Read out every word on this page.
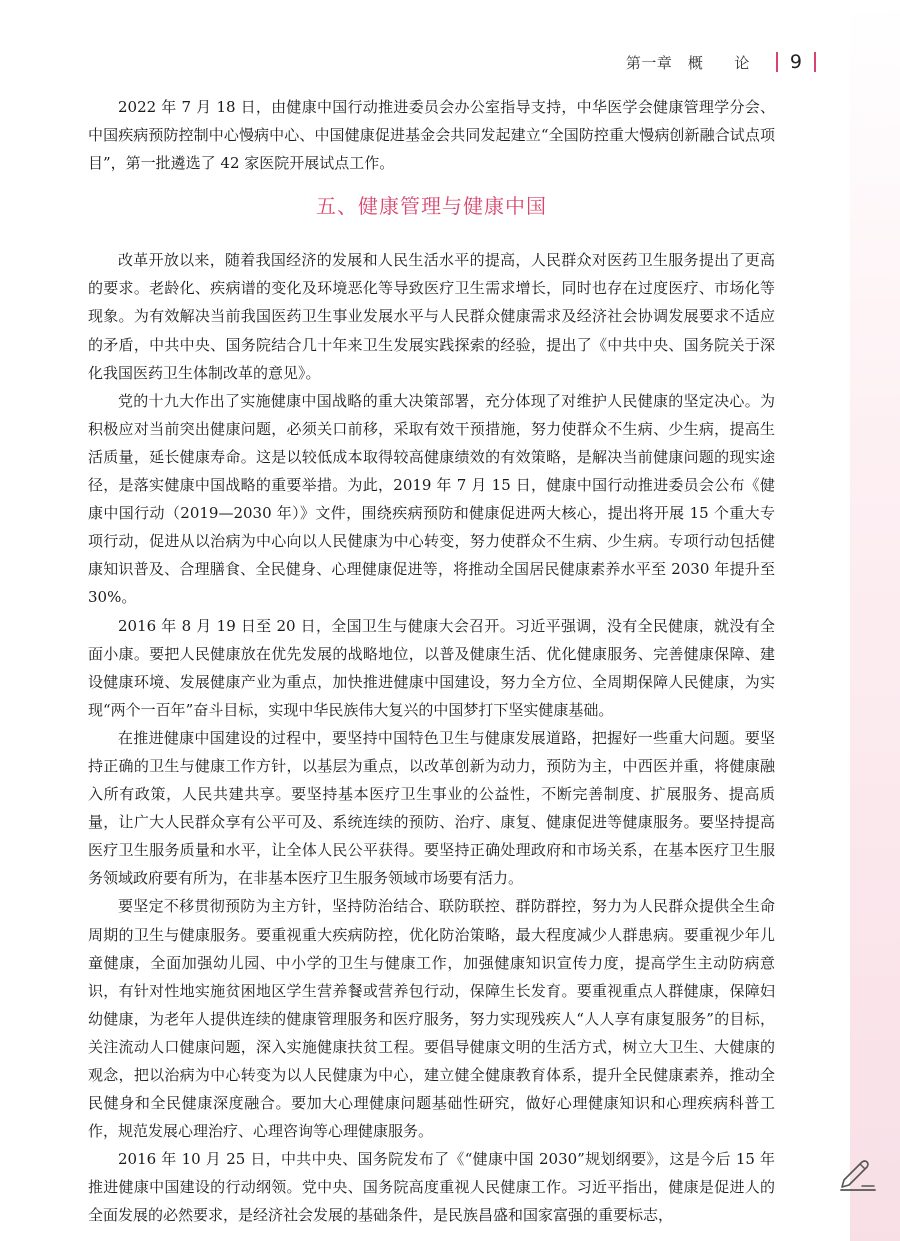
第一章　概　　论 9

2022 年 7 月 18 日，由健康中国行动推进委员会办公室指导支持，中华医学会健康管理学分会、中国疾病预防控制中心慢病中心、中国健康促进基金会共同发起建立“全国防控重大慢病创新融合试点项目”，第一批遴选了 42 家医院开展试点工作。

五、健康管理与健康中国

改革开放以来，随着我国经济的发展和人民生活水平的提高，人民群众对医药卫生服务提出了更高的要求。老龄化、疾病谱的变化及环境恶化等导致医疗卫生需求增长，同时也存在过度医疗、市场化等现象。为有效解决当前我国医药卫生事业发展水平与人民群众健康需求及经济社会协调发展要求不适应的矛盾，中共中央、国务院结合几十年来卫生发展实践探索的经验，提出了《中共中央、国务院关于深化我国医药卫生体制改革的意见》。

党的十九大作出了实施健康中国战略的重大决策部署，充分体现了对维护人民健康的坚定决心。为积极应对当前突出健康问题，必须关口前移，采取有效干预措施，努力使群众不生病、少生病，提高生活质量，延长健康寿命。这是以较低成本取得较高健康绩效的有效策略，是解决当前健康问题的现实途径，是落实健康中国战略的重要举措。为此，2019 年 7 月 15 日，健康中国行动推进委员会公布《健康中国行动（2019—2030 年）》文件，围绕疾病预防和健康促进两大核心，提出将开展 15 个重大专项行动，促进从以治病为中心向以人民健康为中心转变，努力使群众不生病、少生病。专项行动包括健康知识普及、合理膳食、全民健身、心理健康促进等，将推动全国居民健康素养水平至 2030 年提升至 30%。

2016 年 8 月 19 日至 20 日，全国卫生与健康大会召开。习近平强调，没有全民健康，就没有全面小康。要把人民健康放在优先发展的战略地位，以普及健康生活、优化健康服务、完善健康保障、建设健康环境、发展健康产业为重点，加快推进健康中国建设，努力全方位、全周期保障人民健康，为实现“两个一百年”奋斗目标，实现中华民族伟大复兴的中国梦打下坚实健康基础。

在推进健康中国建设的过程中，要坚持中国特色卫生与健康发展道路，把握好一些重大问题。要坚持正确的卫生与健康工作方针，以基层为重点，以改革创新为动力，预防为主，中西医并重，将健康融入所有政策，人民共建共享。要坚持基本医疗卫生事业的公益性，不断完善制度、扩展服务、提高质量，让广大人民群众享有公平可及、系统连续的预防、治疗、康复、健康促进等健康服务。要坚持提高医疗卫生服务质量和水平，让全体人民公平获得。要坚持正确处理政府和市场关系，在基本医疗卫生服务领域政府要有所为，在非基本医疗卫生服务领域市场要有活力。

要坚定不移贯彻预防为主方针，坚持防治结合、联防联控、群防群控，努力为人民群众提供全生命周期的卫生与健康服务。要重视重大疾病防控，优化防治策略，最大程度减少人群患病。要重视少年儿童健康，全面加强幼儿园、中小学的卫生与健康工作，加强健康知识宣传力度，提高学生主动防病意识，有针对性地实施贫困地区学生营养餐或营养包行动，保障生长发育。要重视重点人群健康，保障妇幼健康，为老年人提供连续的健康管理服务和医疗服务，努力实现残疾人“人人享有康复服务”的目标，关注流动人口健康问题，深入实施健康扶贫工程。要倡导健康文明的生活方式，树立大卫生、大健康的观念，把以治病为中心转变为以人民健康为中心，建立健全健康教育体系，提升全民健康素养，推动全民健身和全民健康深度融合。要加大心理健康问题基础性研究，做好心理健康知识和心理疾病科普工作，规范发展心理治疗、心理咨询等心理健康服务。

2016 年 10 月 25 日，中共中央、国务院发布了《“健康中国 2030”规划纲要》，这是今后 15 年推进健康中国建设的行动纲领。党中央、国务院高度重视人民健康工作。习近平指出，健康是促进人的全面发展的必然要求，是经济社会发展的基础条件，是民族昌盛和国家富强的重要标志，
